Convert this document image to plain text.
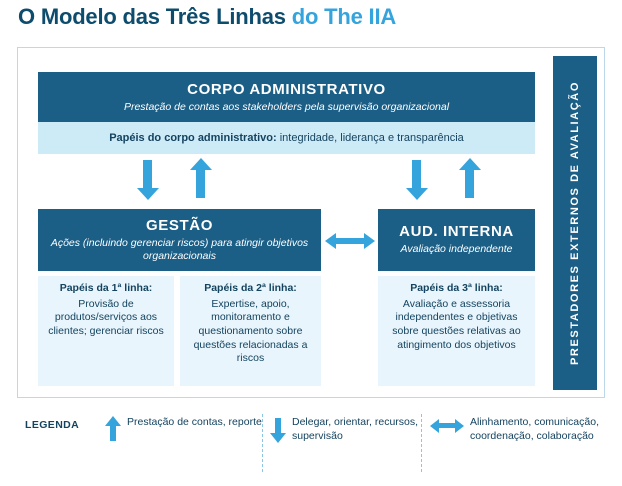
O Modelo das Três Linhas do The IIA
PRESTADORES EXTERNOS DE AVALIAÇÃO
CORPO ADMINISTRATIVO
Prestação de contas aos stakeholders pela supervisão organizacional
Papéis do corpo administrativo: integridade, liderança e transparência
GESTÃO
Ações (incluindo gerenciar riscos) para atingir objetivos organizacionais
AUD. INTERNA
Avaliação independente
Papéis da 1ª linha:
Provisão de produtos/serviços aos clientes; gerenciar riscos
Papéis da 2ª linha:
Expertise, apoio, monitoramento e questionamento sobre questões relacionadas a riscos
Papéis da 3ª linha:
Avaliação e assessoria independentes e objetivas sobre questões relativas ao atingimento dos objetivos
LEGENDA	Prestação de contas, reporte	Delegar, orientar, recursos, supervisão
Alinhamento, comunicação, coordenação, colaboração
